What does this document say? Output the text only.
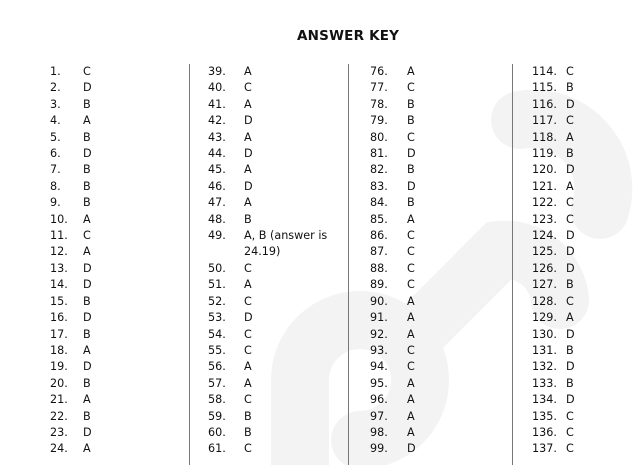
ANSWER KEY
1.	C
2.	D
3.	B
4.	A
5.	B
6.	D
7.	B
8.	B
9.	B
10.	A
11.	C
12.	A
13.	D
14.	D
15.	B
16.	D
17.	B
18.	A
19.	D
20.	B
21.	A
22.	B
23.	D
24.	A
39.	A
40.	C
41.	A
42.	D
43.	A
44.	D
45.	A
46.	D
47.	A
48.	B
49.	A, B (answer is 24.19)
50.	C
51.	A
52.	C
53.	D
54.	C
55.	C
56.	A
57.	A
58.	C
59.	B
60.	B
61.	C
76.	A
77.	C
78.	B
79.	B
80.	C
81.	D
82.	B
83.	D
84.	B
85.	A
86.	C
87.	C
88.	C
89.	C
90.	A
91.	A
92.	A
93.	C
94.	C
95.	A
96.	A
97.	A
98.	A
99.	D
114. C
115. B
116. D
117. C
118. A
119. B
120. D
121. A
122. C
123. C
124. D
125. D
126. D
127. B
128. C
129. A
130. D
131. B
132. D
133. B
134. D
135. C
136. C
137. C
